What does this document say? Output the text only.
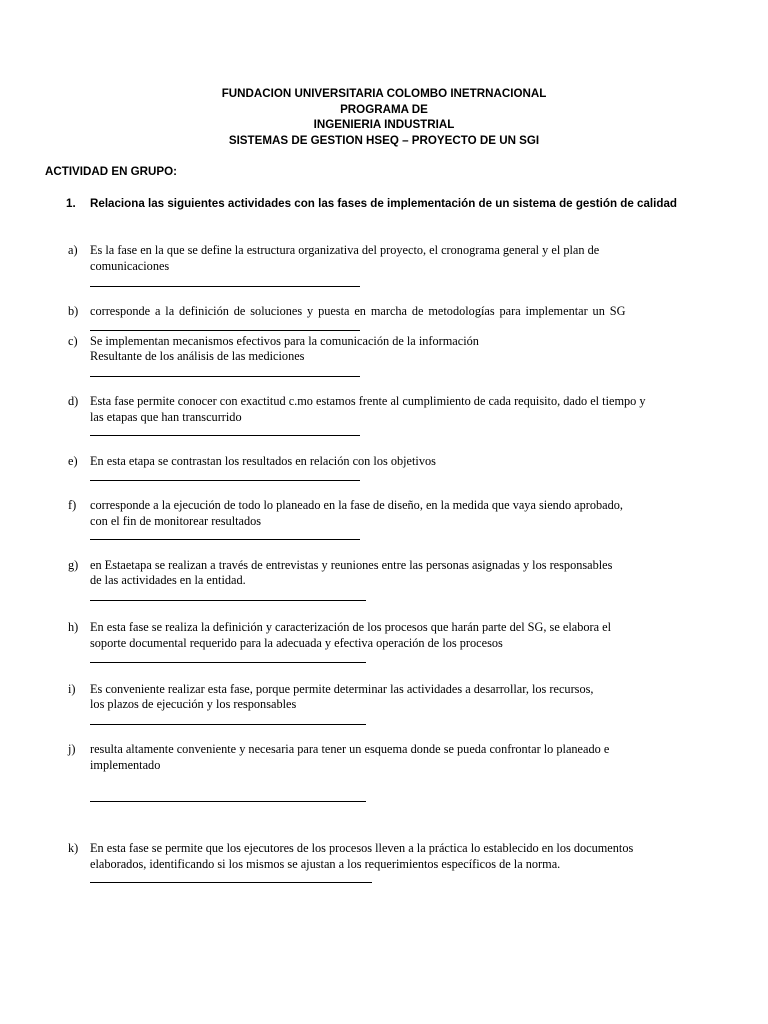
FUNDACION UNIVERSITARIA COLOMBO INETRNACIONAL
PROGRAMA DE
INGENIERIA INDUSTRIAL
SISTEMAS DE GESTION HSEQ – PROYECTO DE UN SGI
ACTIVIDAD EN GRUPO:
1. Relaciona las siguientes actividades con las fases de implementación de un sistema de gestión de calidad
a) Es la fase en la que se define la estructura organizativa del proyecto, el cronograma general y el plan de
comunicaciones
b) corresponde a la definición de soluciones y puesta en marcha de metodologías para implementar un SG
c) Se implementan mecanismos efectivos para la comunicación de la información
Resultante de los análisis de las mediciones
d) Esta fase permite conocer con exactitud c.mo estamos frente al cumplimiento de cada requisito, dado el tiempo y
las etapas que han transcurrido
e) En esta etapa se contrastan los resultados en relación con los objetivos
f) corresponde a la ejecución de todo lo planeado en la fase de diseño, en la medida que vaya siendo aprobado,
con el fin de monitorear resultados
g) en Estaetapa se realizan a través de entrevistas y reuniones entre las personas asignadas y los responsables
de las actividades en la entidad.
h) En esta fase se realiza la definición y caracterización de los procesos que harán parte del SG, se elabora el
soporte documental requerido para la adecuada y efectiva operación de los procesos
i) Es conveniente realizar esta fase, porque permite determinar las actividades a desarrollar, los recursos,
los plazos de ejecución y los responsables
j) resulta altamente conveniente y necesaria para tener un esquema donde se pueda confrontar lo planeado e
implementado
k) En esta fase se permite que los ejecutores de los procesos lleven a la práctica lo establecido en los documentos
elaborados, identificando si los mismos se ajustan a los requerimientos específicos de la norma.
